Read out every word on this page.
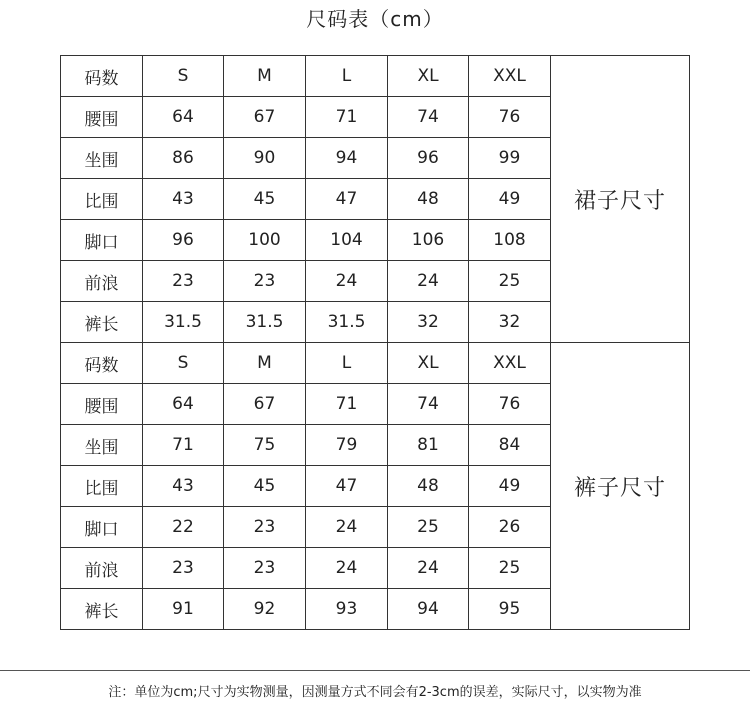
尺码表（cm）
码数	S	M	L	XL	XXL	裙子尺寸
腰围	64	67	71	74	76	
坐围	86	90	94	96	99	
比围	43	45	47	48	49	
脚口	96	100	104	106	108	
前浪	23	23	24	24	25	
裤长	31.5	31.5	31.5	32	32	
码数	S	M	L	XL	XXL	裤子尺寸
腰围	64	67	71	74	76	
坐围	71	75	79	81	84	
比围	43	45	47	48	49	
脚口	22	23	24	25	26	
前浪	23	23	24	24	25	
裤长	91	92	93	94	95	
注：单位为cm;尺寸为实物测量，因测量方式不同会有2-3cm的误差，实际尺寸，以实物为准
